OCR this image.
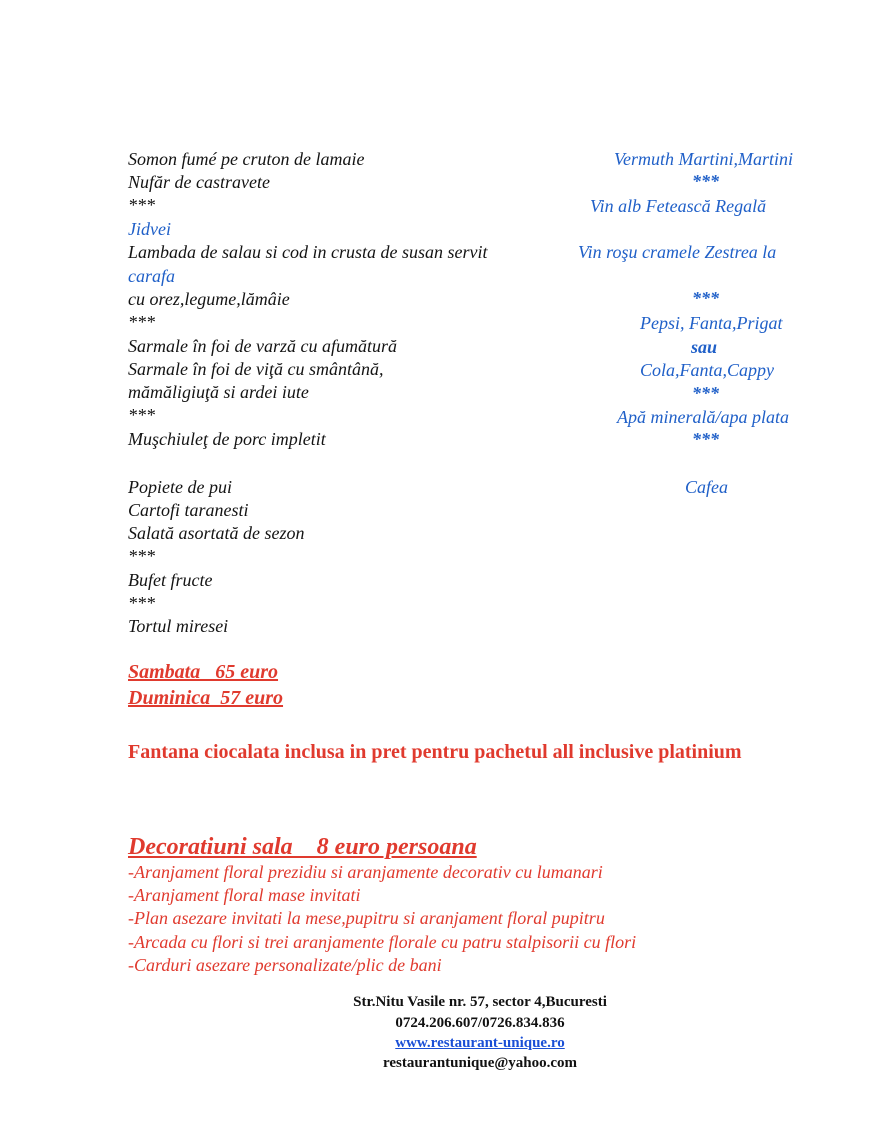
Somon fumé pe cruton de lamaie
Nufăr de castravete
***
Jidvei
Lambada de salau si cod in crusta de susan servit
carafa
cu orez,legume,lămâie
***
Sarmale în foi de varză cu afumătură
Sarmale în foi de viţă cu smântână,
mămăligiuţă si ardei iute
***
Muşchiuleţ de porc impletit
Popiete de pui
Cartofi taranesti
Salată asortată de sezon
***
Bufet fructe
***
Tortul miresei
Vermuth Martini,Martini
***
Vin alb Fetească Regală
Vin roşu cramele Zestrea la
***
Pepsi, Fanta,Prigat
sau
Cola,Fanta,Cappy
***
Apă minerală/apa plata
***
Cafea
Sambata   65 euro
Duminica  57 euro
Fantana ciocalata inclusa in pret pentru pachetul all inclusive platinium
Decoratiuni sala    8 euro persoana
-Aranjament floral prezidiu si aranjamente decorativ cu lumanari
-Aranjament floral mase invitati
-Plan asezare invitati la mese,pupitru si aranjament floral pupitru
-Arcada cu flori si trei aranjamente florale cu patru stalpisorii cu flori
-Carduri asezare personalizate/plic de bani
Str.Nitu Vasile nr. 57, sector 4,Bucuresti
0724.206.607/0726.834.836
www.restaurant-unique.ro
restaurantunique@yahoo.com
